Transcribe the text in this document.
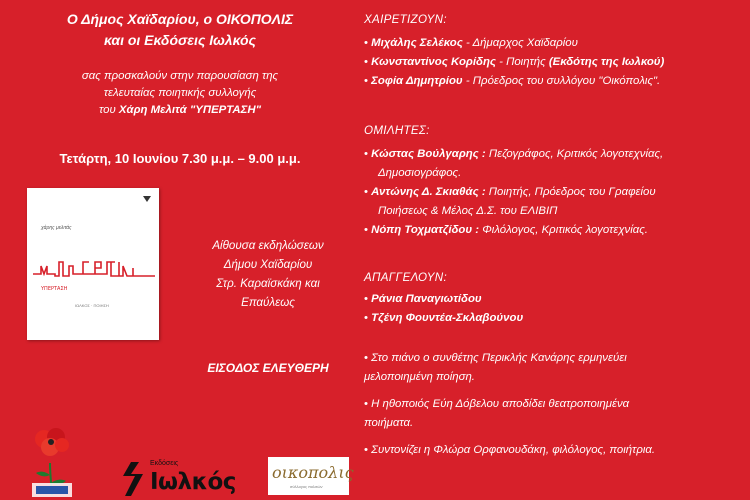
Ο Δήμος Χαϊδαρίου, ο ΟΙΚΟΠΟΛΙΣ
και οι Εκδόσεις Ιωλκός
σας προσκαλούν στην παρουσίαση της
τελευταίας ποιητικής συλλογής
του Χάρη Μελιτά "ΥΠΕΡΤΑΣΗ"
Τετάρτη, 10 Ιουνίου 7.30 μ.μ. – 9.00 μ.μ.
χάρης μελιτάς
ΥΠΕΡΤΑΣΗ
ΙΩΛΚΟΣ · ΠΟΙΗΣΗ
Αίθουσα εκδηλώσεων
Δήμου Χαϊδαρίου
Στρ. Καραϊσκάκη και
Επαύλεως
ΕΙΣΟΔΟΣ ΕΛΕΥΘΕΡΗ
Εκδόσεις
Ιωλκός οικοπολις
σύλλογος πολιτών
ΧΑΙΡΕΤΙΖΟΥΝ:
• Μιχάλης Σελέκος - Δήμαρχος Χαϊδαρίου
• Κωνσταντίνος Κορίδης - Ποιητής (Εκδότης της Ιωλκού)
• Σοφία Δημητρίου - Πρόεδρος του συλλόγου "Οικόπολις".
ΟΜΙΛΗΤΕΣ:
• Κώστας Βούλγαρης : Πεζογράφος, Κριτικός λογοτεχνίας,
Δημοσιογράφος.
• Αντώνης Δ. Σκιαθάς : Ποιητής, Πρόεδρος του Γραφείου
Ποιήσεως & Μέλος Δ.Σ. του ΕΛΙΒΙΠ
• Νόπη Τοχματζίδου : Φιλόλογος, Κριτικός λογοτεχνίας.
ΑΠΑΓΓΕΛΟΥΝ:
• Ράνια Παναγιωτίδου
• Τζένη Φουντέα-Σκλαβούνου
• Στο πιάνο ο συνθέτης Περικλής Κανάρης ερμηνεύει
μελοποιημένη ποίηση.
• Η ηθοποιός Εύη Δόβελου αποδίδει θεατροποιημένα
ποιήματα.
• Συντονίζει η Φλώρα Ορφανουδάκη, φιλόλογος, ποιήτρια.
